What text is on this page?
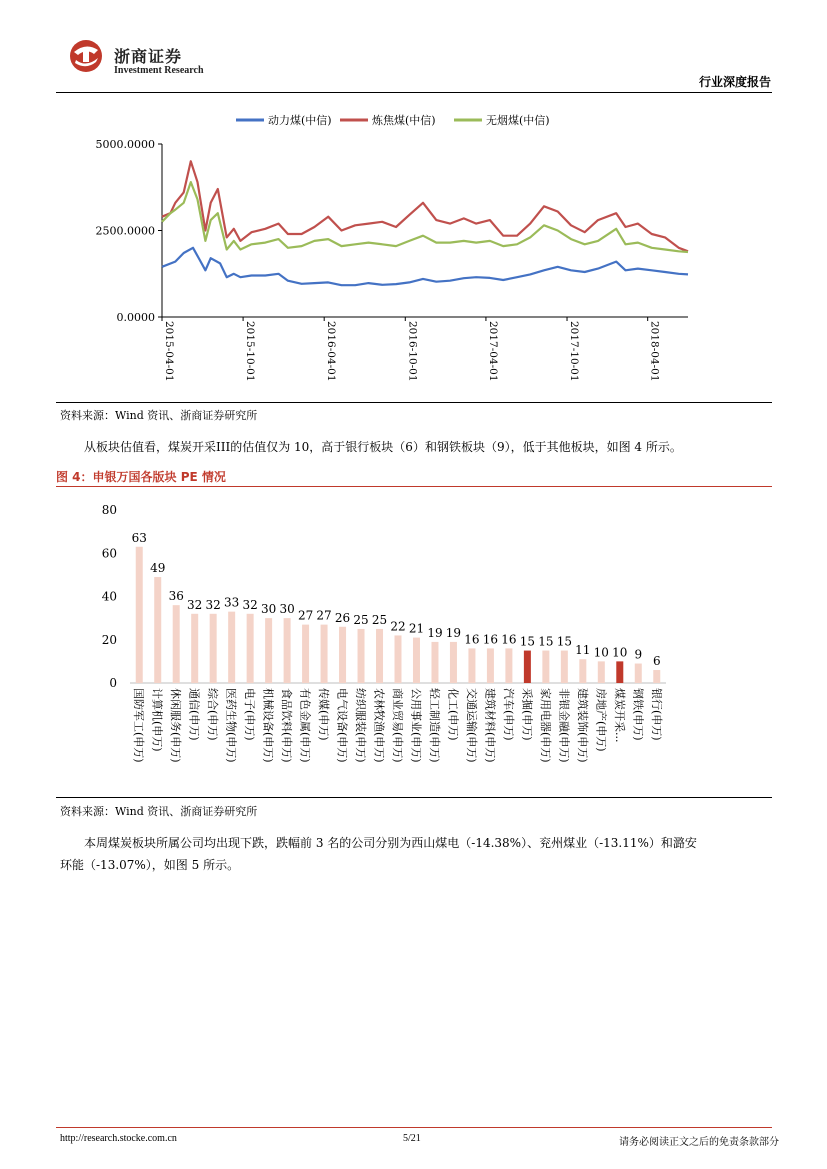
浙商证券
Investment Research
行业深度报告
动力煤(中信)	炼焦煤(中信)	无烟煤(中信)
0.0000
2500.0000
5000.0000
2015-04-01	2015-10-01	2016-04-01	2016-10-01	2017-04-01	2017-10-01	2018-04-01
资料来源：Wind 资讯、浙商证券研究所
从板块估值看，煤炭开采III的估值仅为 10，高于银行板块（6）和钢铁板块（9），低于其他板块，如图 4 所示。
图 4：申银万国各版块 PE 情况
0
20
40
60
80
63
国防军工(申万)
49
计算机(申万)
36
休闲服务(申万)
32
通信(申万)
32
综合(申万)
33
医药生物(申万)
32
电子(申万)
30
机械设备(申万)
30
食品饮料(申万)
27
有色金属(申万)
27
传媒(申万)
26
电气设备(申万)
25
纺织服装(申万)
25
农林牧渔(申万)
22
商业贸易(申万)
21
公用事业(申万)
19
轻工制造(申万)
19
化工(申万)
16
交通运输(申万)
16
建筑材料(申万)
16
汽车(申万)
15
采掘(申万)
15
家用电器(申万)
15
非银金融(申万)
11
建筑装饰(申万)
10
房地产(申万)
10
煤炭开采...
9
钢铁(申万)
6
银行(申万)
资料来源：Wind 资讯、浙商证券研究所
本周煤炭板块所属公司均出现下跌，跌幅前 3 名的公司分别为西山煤电（-14.38%）、兖州煤业（-13.11%）和潞安
环能（-13.07%），如图 5 所示。
http://research.stocke.com.cn	5/21	请务必阅读正文之后的免责条款部分
